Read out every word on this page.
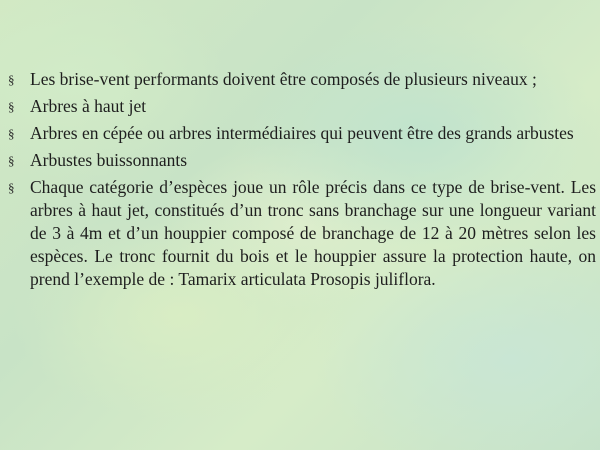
§ Les brise-vent performants doivent être composés de plusieurs niveaux ;
§ Arbres à haut jet
§ Arbres en cépée ou arbres intermédiaires qui peuvent être des grands arbustes
§ Arbustes buissonnants
§ Chaque catégorie d’espèces joue un rôle précis dans ce type de brise-vent. Les arbres à haut jet, constitués d’un tronc sans branchage sur une longueur variant de 3 à 4m et d’un houppier composé de branchage de 12 à 20 mètres selon les espèces. Le tronc fournit du bois et le houppier assure la protection haute, on prend l’exemple de : Tamarix articulata Prosopis juliflora.
